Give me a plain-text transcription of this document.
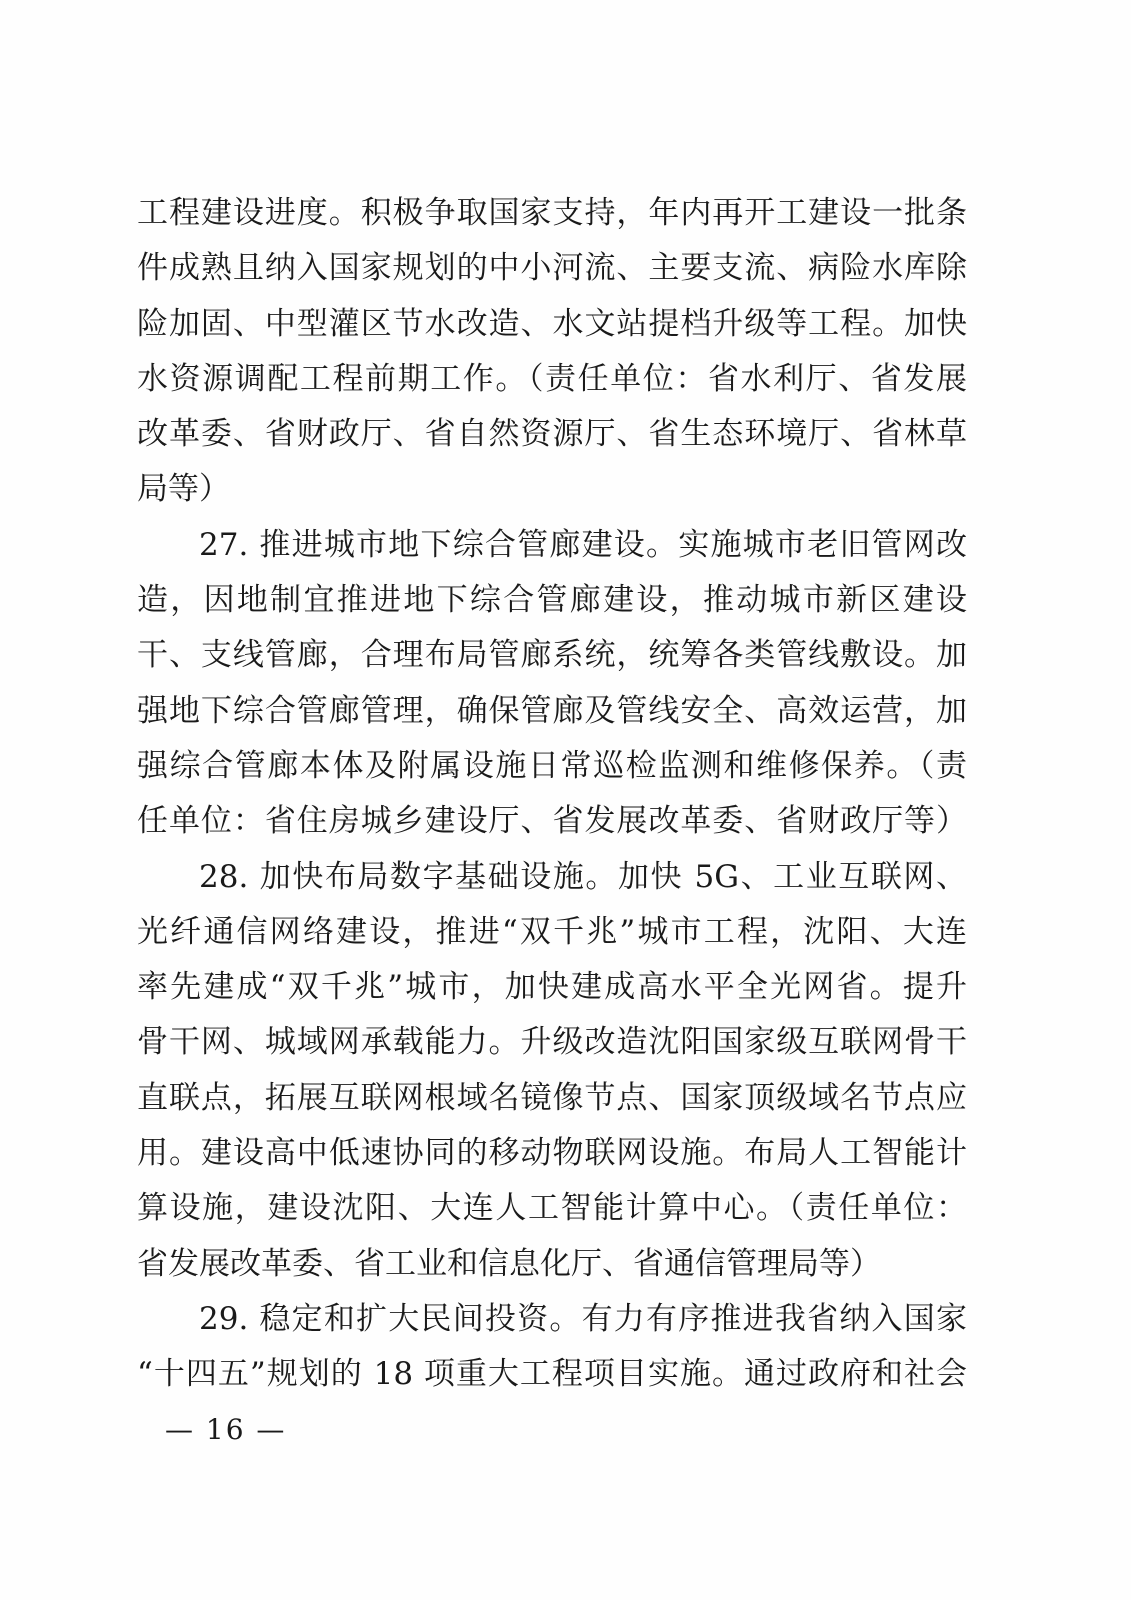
工程建设进度。积极争取国家支持，年内再开工建设一批条
件成熟且纳入国家规划的中小河流、主要支流、病险水库除
险加固、中型灌区节水改造、水文站提档升级等工程。加快
水资源调配工程前期工作。（责任单位：省水利厅、省发展
改革委、省财政厅、省自然资源厅、省生态环境厅、省林草
局等）
27. 推进城市地下综合管廊建设。实施城市老旧管网改
造，因地制宜推进地下综合管廊建设，推动城市新区建设
干、支线管廊，合理布局管廊系统，统筹各类管线敷设。加
强地下综合管廊管理，确保管廊及管线安全、高效运营，加
强综合管廊本体及附属设施日常巡检监测和维修保养。（责
任单位：省住房城乡建设厅、省发展改革委、省财政厅等）
28. 加快布局数字基础设施。加快 5G、工业互联网、
光纤通信网络建设，推进“双千兆”城市工程，沈阳、大连
率先建成“双千兆”城市，加快建成高水平全光网省。提升
骨干网、城域网承载能力。升级改造沈阳国家级互联网骨干
直联点，拓展互联网根域名镜像节点、国家顶级域名节点应
用。建设高中低速协同的移动物联网设施。布局人工智能计
算设施，建设沈阳、大连人工智能计算中心。（责任单位：
省发展改革委、省工业和信息化厅、省通信管理局等）
29. 稳定和扩大民间投资。有力有序推进我省纳入国家
“十四五”规划的 18 项重大工程项目实施。通过政府和社会
— 16 —
